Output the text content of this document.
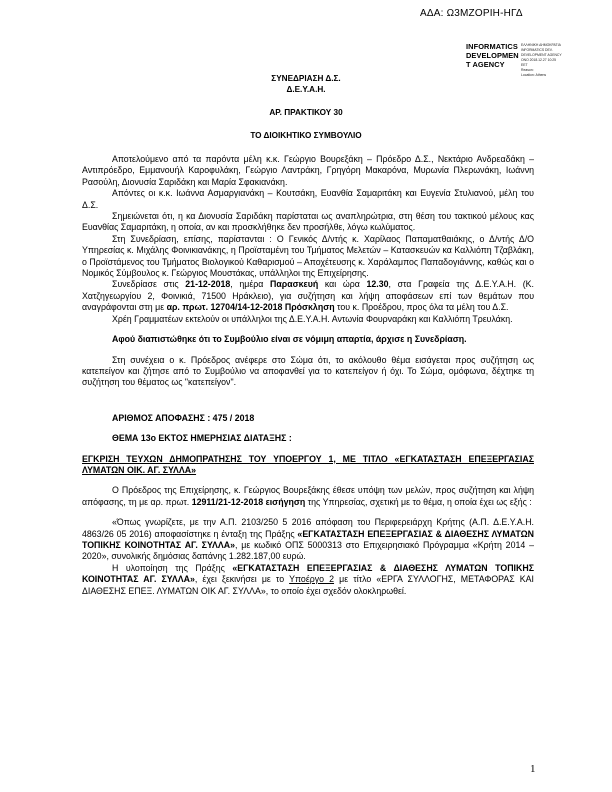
ΑΔΑ: Ω3ΜΖΟΡΙΗ-ΗΓΔ
INFORMATICS
DEVELOPMEN
T AGENCY
ΕΛΛΗΝΙΚΗ ΔΗΜΟΚΡΑΤΙΑ
INFORMATICS DEV.
DEVELOPMENT AGENCY
ΟΝΟ 2018.12.27 10:25
EET
Reason:
Location: Athens
ΣΥΝΕΔΡΙΑΣΗ Δ.Σ.
Δ.Ε.Υ.Α.Η.
ΑΡ. ΠΡΑΚΤΙΚΟΥ 30
ΤΟ ΔΙΟΙΚΗΤΙΚΟ ΣΥΜΒΟΥΛΙΟ

Αποτελούμενο από τα παρόντα μέλη κ.κ. Γεώργιο Βουρεξάκη – Πρόεδρο Δ.Σ., Νεκτάριο Ανδρεαδάκη – Αντιπρόεδρο, Εμμανουήλ Καροφυλάκη, Γεώργιο Λαντράκη, Γρηγόρη Μακαρόνα, Μυρωνία Πλερωνάκη, Ιωάννη Ρασούλη, Διονυσία Σαριδάκη και Μαρία Σφακιανάκη.

Απόντες οι κ.κ. Ιωάννα Ασμαργιανάκη – Κουτσάκη, Ευανθία Σαμαριτάκη και Ευγενία Στυλιανού, μέλη του Δ.Σ.

Σημειώνεται ότι, η κα Διονυσία Σαριδάκη παρίσταται ως αναπληρώτρια, στη θέση του τακτικού μέλους κας Ευανθίας Σαμαριτάκη, η οποία, αν και προσκλήθηκε δεν προσήλθε, λόγω κωλύματος.

Στη Συνεδρίαση, επίσης, παρίστανται : Ο Γενικός Δ/ντής κ. Χαρίλαος Παπαματθαιάκης, ο Δ/ντής Δ/Ο Υπηρεσίας κ. Μιχάλης Φοινικιανάκης, η Προϊσταμένη του Τμήματος Μελετών – Κατασκευών κα Καλλιόπη Τζαβλάκη, ο Προϊστάμενος του Τμήματος Βιολογικού Καθαρισμού – Αποχέτευσης κ. Χαράλαμπος Παπαδογιάννης, καθώς και ο Νομικός Σύμβουλος κ. Γεώργιος Μουστάκας, υπάλληλοι της Επιχείρησης.

Συνεδρίασε στις 21-12-2018, ημέρα Παρασκευή και ώρα 12.30, στα Γραφεία της Δ.Ε.Υ.Α.Η. (Κ. Χατζηγεωργίου 2, Φοινικιά, 71500 Ηράκλειο), για συζήτηση και λήψη αποφάσεων επί των θεμάτων που αναγράφονται στη με αρ. πρωτ. 12704/14-12-2018 Πρόσκληση του κ. Προέδρου, προς όλα τα μέλη του Δ.Σ.

Χρέη Γραμματέων εκτελούν οι υπάλληλοι της Δ.Ε.Υ.Α.Η. Αντωνία Φουρναράκη και Καλλιόπη Τρευλάκη.

Αφού διαπιστώθηκε ότι το Συμβούλιο είναι σε νόμιμη απαρτία, άρχισε η Συνεδρίαση.

Στη συνέχεια ο κ. Πρόεδρος ανέφερε στο Σώμα ότι, το ακόλουθο θέμα εισάγεται προς συζήτηση ως κατεπείγον και ζήτησε από το Συμβούλιο να αποφανθεί για το κατεπείγον ή όχι. Το Σώμα, ομόφωνα, δέχτηκε τη συζήτηση του θέματος ως "κατεπείγον".

ΑΡΙΘΜΟΣ ΑΠΟΦΑΣΗΣ : 475 / 2018

ΘΕΜΑ 13ο ΕΚΤΟΣ ΗΜΕΡΗΣΙΑΣ ΔΙΑΤΑΞΗΣ :

ΕΓΚΡΙΣΗ ΤΕΥΧΩΝ ΔΗΜΟΠΡΑΤΗΣΗΣ ΤΟΥ ΥΠΟΕΡΓΟΥ 1, ΜΕ ΤΙΤΛΟ «ΕΓΚΑΤΑΣΤΑΣΗ ΕΠΕΞΕΡΓΑΣΙΑΣ ΛΥΜΑΤΩΝ ΟΙΚ. ΑΓ. ΣΥΛΛΑ»

Ο Πρόεδρος της Επιχείρησης, κ. Γεώργιος Βουρεξάκης έθεσε υπόψη των μελών, προς συζήτηση και λήψη απόφασης, τη με αρ. πρωτ. 12911/21-12-2018 εισήγηση της Υπηρεσίας, σχετική με το θέμα, η οποία έχει ως εξής :

«Όπως γνωρίζετε, με την Α.Π. 2103/250 5 2016 απόφαση του Περιφερειάρχη Κρήτης (Α.Π. Δ.Ε.Υ.Α.Η. 4863/26 05 2016) αποφασίστηκε η ένταξη της Πράξης «ΕΓΚΑΤΑΣΤΑΣΗ ΕΠΕΞΕΡΓΑΣΙΑΣ & ΔΙΑΘΕΣΗΣ ΛΥΜΑΤΩΝ ΤΟΠΙΚΗΣ ΚΟΙΝΟΤΗΤΑΣ ΑΓ. ΣΥΛΛΑ», με κωδικό ΟΠΣ 5000313 στο Επιχειρησιακό Πρόγραμμα «Κρήτη 2014 – 2020», συνολικής δημόσιας δαπάνης 1.282.187,00 ευρώ.

Η υλοποίηση της Πράξης «ΕΓΚΑΤΑΣΤΑΣΗ ΕΠΕΞΕΡΓΑΣΙΑΣ & ΔΙΑΘΕΣΗΣ ΛΥΜΑΤΩΝ ΤΟΠΙΚΗΣ ΚΟΙΝΟΤΗΤΑΣ ΑΓ. ΣΥΛΛΑ», έχει ξεκινήσει με το Υποέργο 2 με τίτλο «ΕΡΓΑ ΣΥΛΛΟΓΗΣ, ΜΕΤΑΦΟΡΑΣ ΚΑΙ ΔΙΑΘΕΣΗΣ ΕΠΕΞ. ΛΥΜΑΤΩΝ ΟΙΚ ΑΓ. ΣΥΛΛΑ», το οποίο έχει σχεδόν ολοκληρωθεί.

1
